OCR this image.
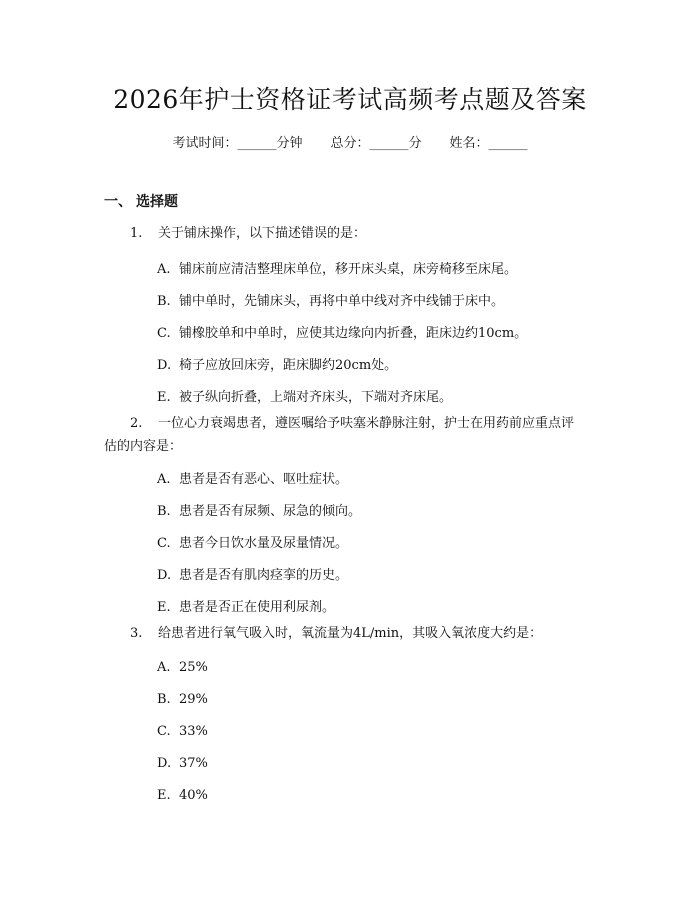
2026年护士资格证考试高频考点题及答案
考试时间：______分钟 总分：______分 姓名：______
一、 选择题
1. 关于铺床操作，以下描述错误的是：
A. 铺床前应清洁整理床单位，移开床头桌，床旁椅移至床尾。
B. 铺中单时，先铺床头，再将中单中线对齐中线铺于床中。
C. 铺橡胶单和中单时，应使其边缘向内折叠，距床边约10cm。
D. 椅子应放回床旁，距床脚约20cm处。
E. 被子纵向折叠，上端对齐床头，下端对齐床尾。
2. 一位心力衰竭患者，遵医嘱给予呋塞米静脉注射，护士在用药前应重点评
估的内容是：
A. 患者是否有恶心、呕吐症状。
B. 患者是否有尿频、尿急的倾向。
C. 患者今日饮水量及尿量情况。
D. 患者是否有肌肉痉挛的历史。
E. 患者是否正在使用利尿剂。
3. 给患者进行氧气吸入时，氧流量为4L/min，其吸入氧浓度大约是：
A. 25%
B. 29%
C. 33%
D. 37%
E. 40%
